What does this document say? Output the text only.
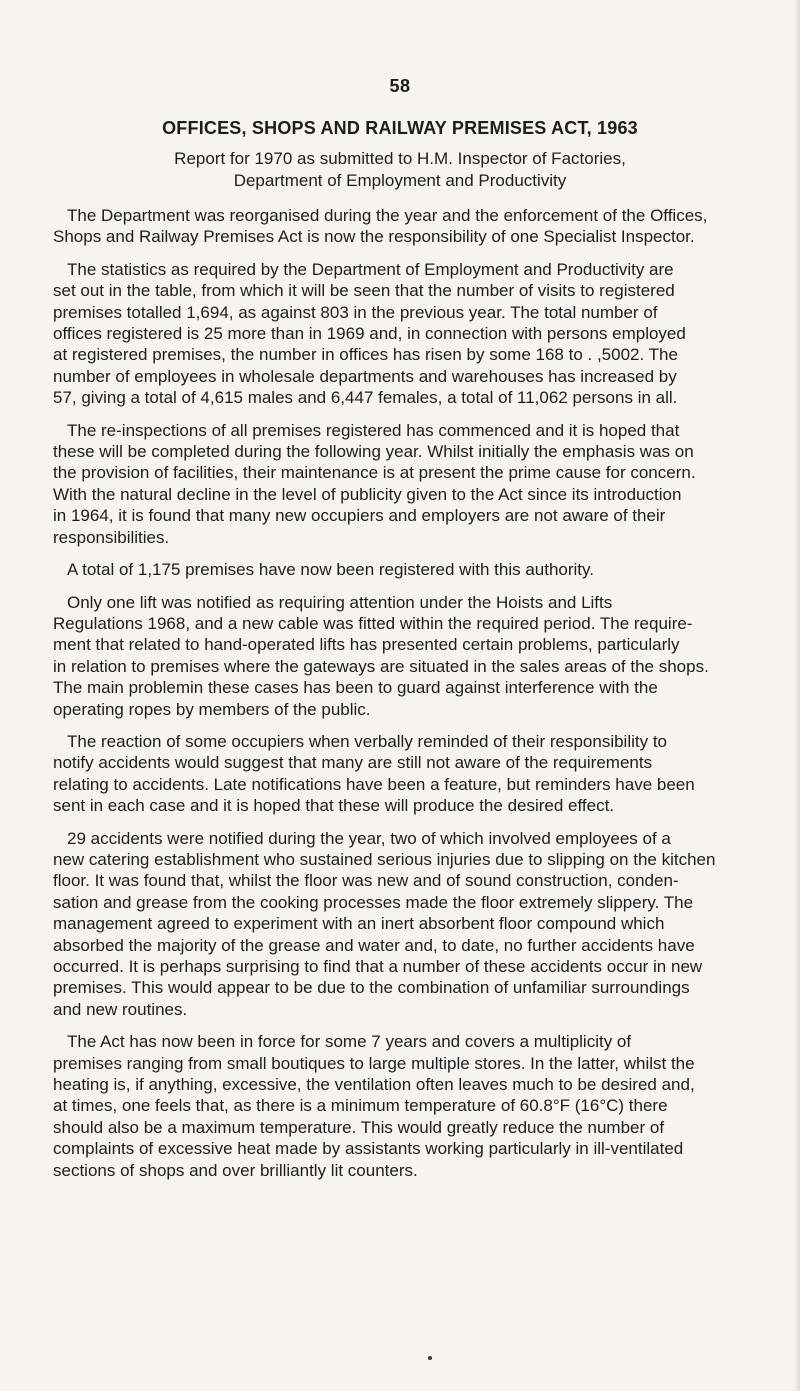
58
OFFICES, SHOPS AND RAILWAY PREMISES ACT, 1963
Report for 1970 as submitted to H.M. Inspector of Factories,
Department of Employment and Productivity
The Department was reorganised during the year and the enforcement of the Offices,
Shops and Railway Premises Act is now the responsibility of one Specialist Inspector.
The statistics as required by the Department of Employment and Productivity are
set out in the table, from which it will be seen that the number of visits to registered
premises totalled 1,694, as against 803 in the previous year. The total number of
offices registered is 25 more than in 1969 and, in connection with persons employed
at registered premises, the number in offices has risen by some 168 to . ,5002. The
number of employees in wholesale departments and warehouses has increased by
57, giving a total of 4,615 males and 6,447 females, a total of 11,062 persons in all.
The re-inspections of all premises registered has commenced and it is hoped that
these will be completed during the following year. Whilst initially the emphasis was on
the provision of facilities, their maintenance is at present the prime cause for concern.
With the natural decline in the level of publicity given to the Act since its introduction
in 1964, it is found that many new occupiers and employers are not aware of their
responsibilities.
A total of 1,175 premises have now been registered with this authority.
Only one lift was notified as requiring attention under the Hoists and Lifts
Regulations 1968, and a new cable was fitted within the required period. The require-
ment that related to hand-operated lifts has presented certain problems, particularly
in relation to premises where the gateways are situated in the sales areas of the shops.
The main problemin these cases has been to guard against interference with the
operating ropes by members of the public.
The reaction of some occupiers when verbally reminded of their responsibility to
notify accidents would suggest that many are still not aware of the requirements
relating to accidents. Late notifications have been a feature, but reminders have been
sent in each case and it is hoped that these will produce the desired effect.
29 accidents were notified during the year, two of which involved employees of a
new catering establishment who sustained serious injuries due to slipping on the kitchen
floor. It was found that, whilst the floor was new and of sound construction, conden-
sation and grease from the cooking processes made the floor extremely slippery. The
management agreed to experiment with an inert absorbent floor compound which
absorbed the majority of the grease and water and, to date, no further accidents have
occurred. It is perhaps surprising to find that a number of these accidents occur in new
premises. This would appear to be due to the combination of unfamiliar surroundings
and new routines.
The Act has now been in force for some 7 years and covers a multiplicity of
premises ranging from small boutiques to large multiple stores. In the latter, whilst the
heating is, if anything, excessive, the ventilation often leaves much to be desired and,
at times, one feels that, as there is a minimum temperature of 60.8°F (16°C) there
should also be a maximum temperature. This would greatly reduce the number of
complaints of excessive heat made by assistants working particularly in ill-ventilated
sections of shops and over brilliantly lit counters.
